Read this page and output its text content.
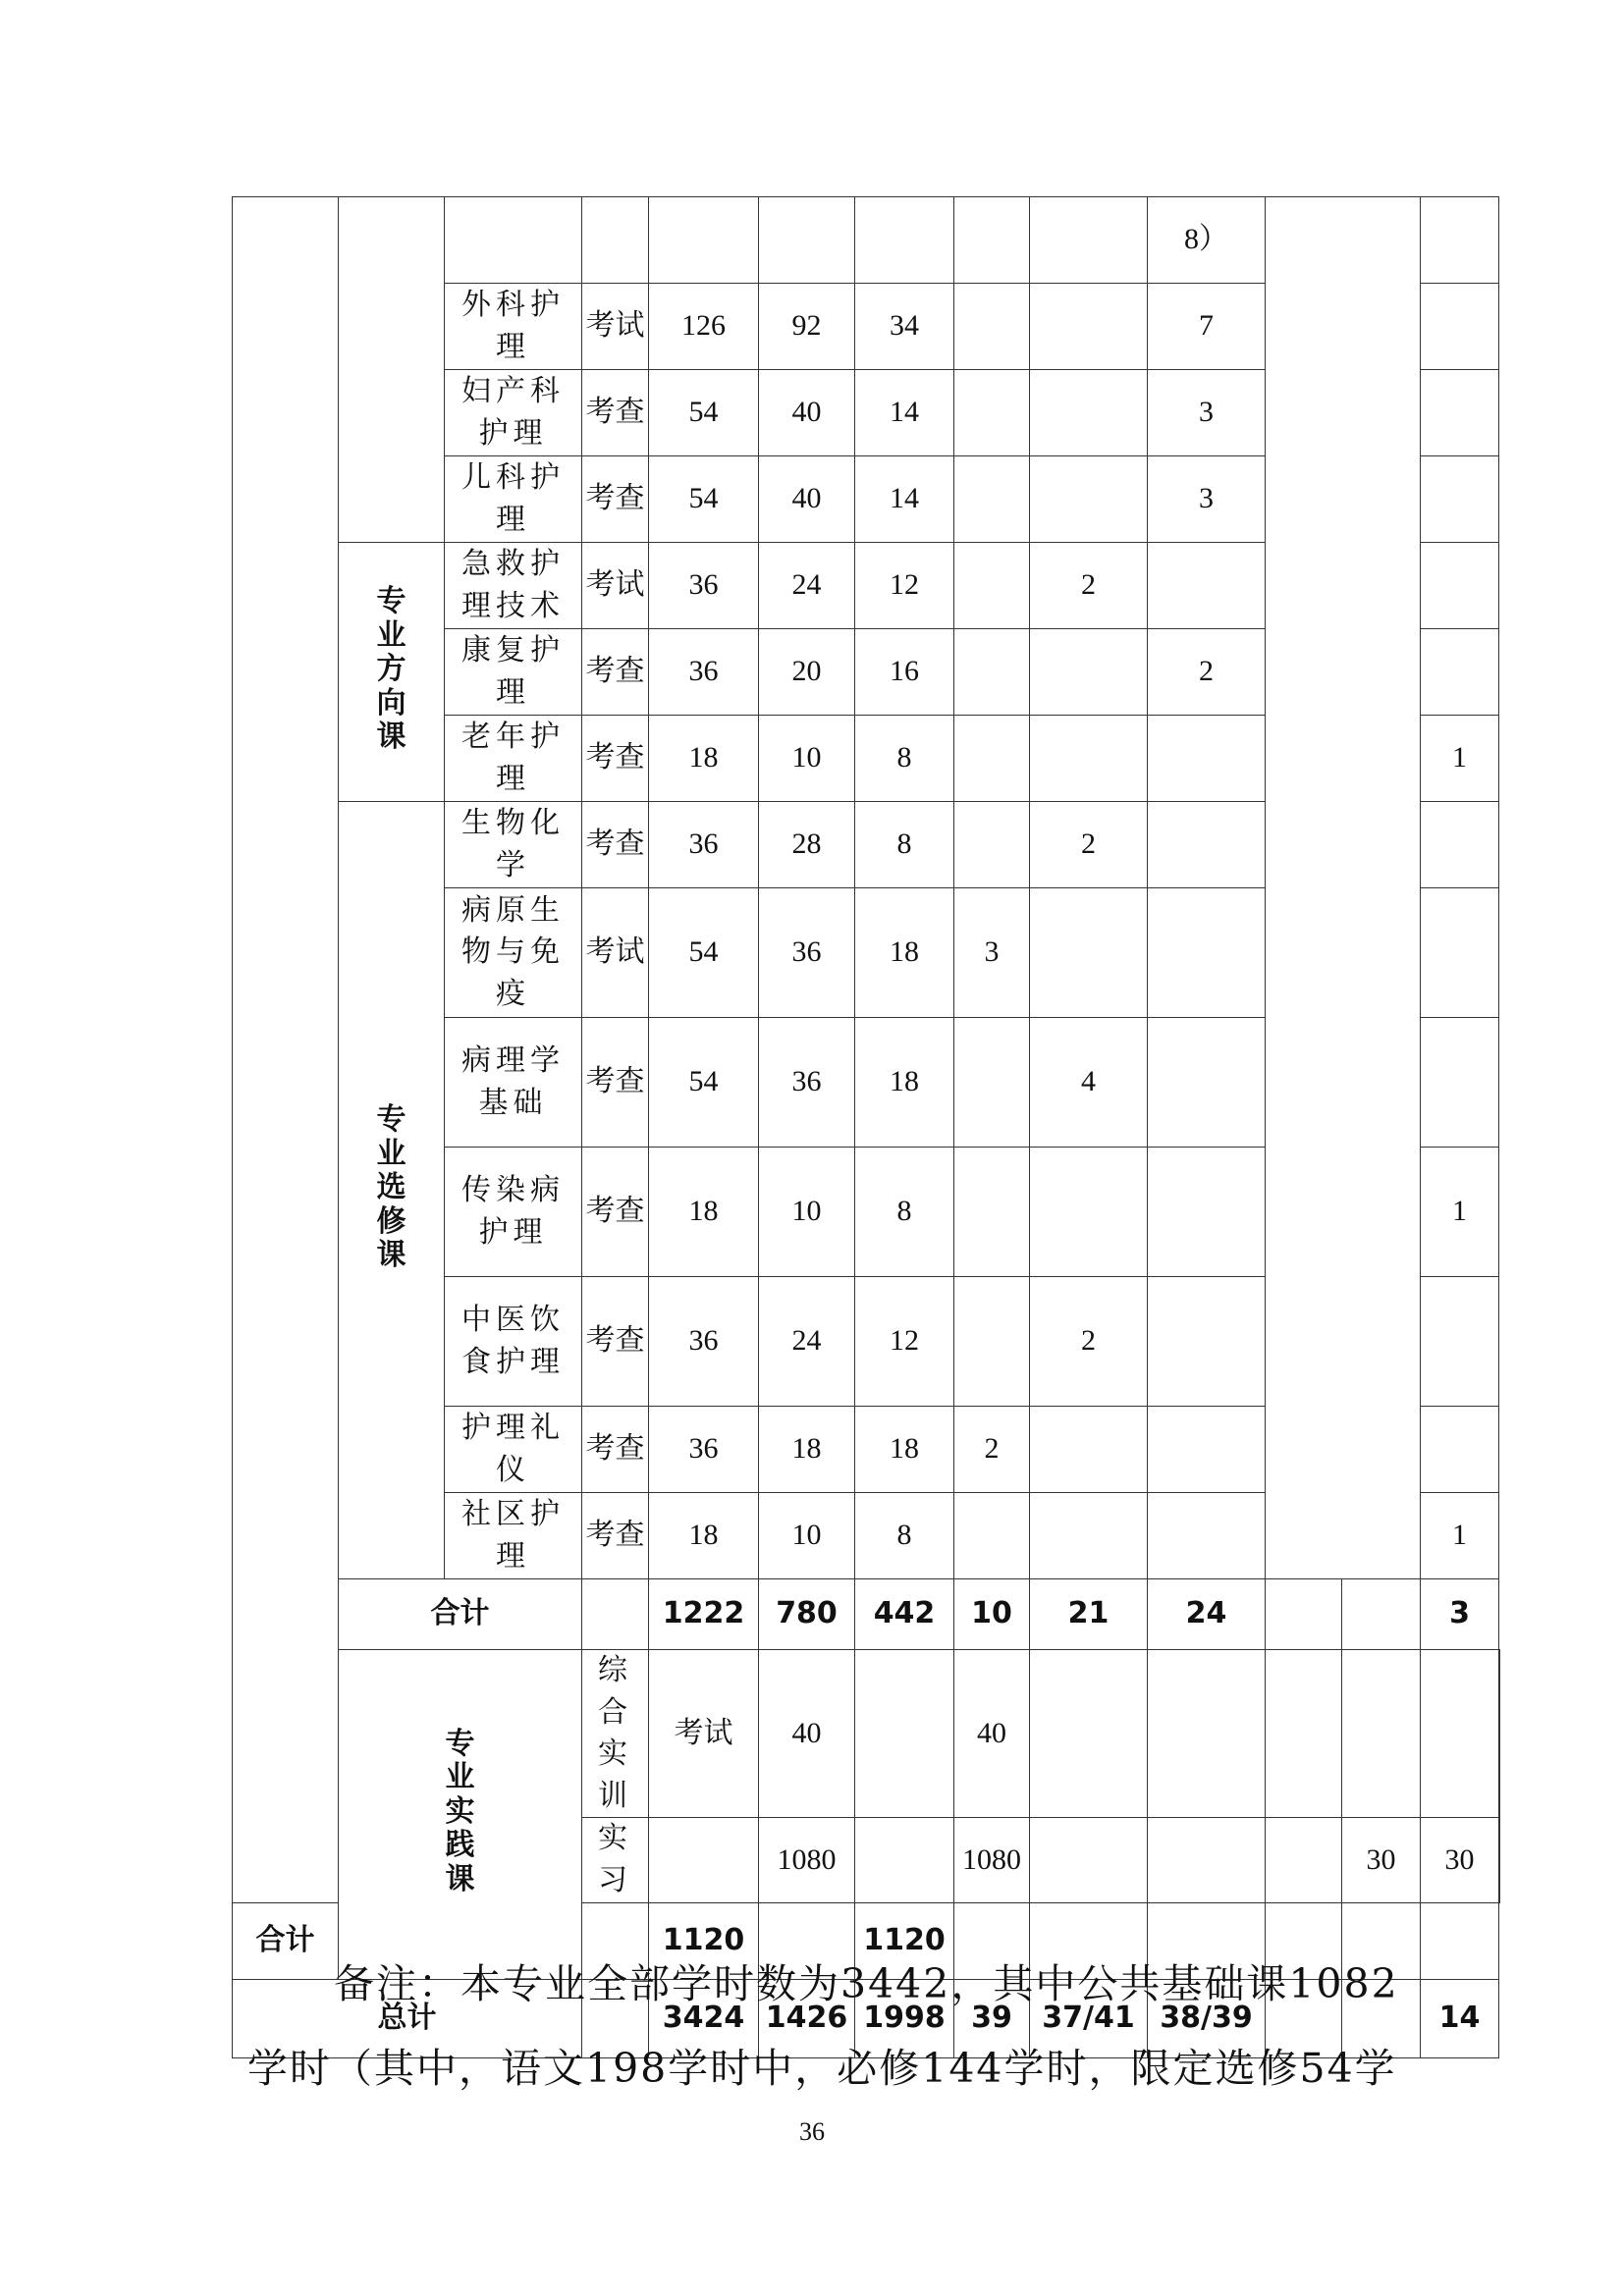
									8）				
		外科护理	考试	126	92	34			7				
		妇产科护理	考查	54	40	14			3				
		儿科护理	考查	54	40	14			3				
	专业方向课	急救护理技术	考试	36	24	12		2					
		康复护理	考查	36	20	16			2				
		老年护理	考查	18	10	8						1	
	专业选修课	生物化学	考查	36	28	8		2					
		病原生物与免疫	考试	54	36	18	3						
		病理学基础	考查	54	36	18		4					
		传染病护理	考查	18	10	8						1	
		中医饮食护理	考查	36	24	12		2					
		护理礼仪	考查	36	18	18	2						
		社区护理	考查	18	10	8						1	
	合计			1222	780	442	10	21	24			3	
	专业实践课		综合实训	考试	40		40						
			实习		1080		1080				30	30	
合计				1120		1120							
总计				3424	1426	1998	39	37/41	38/39			14	
备注：本专业全部学时数为3442，其中公共基础课1082
学时（其中，语文198学时中，必修144学时，限定选修54学
36
